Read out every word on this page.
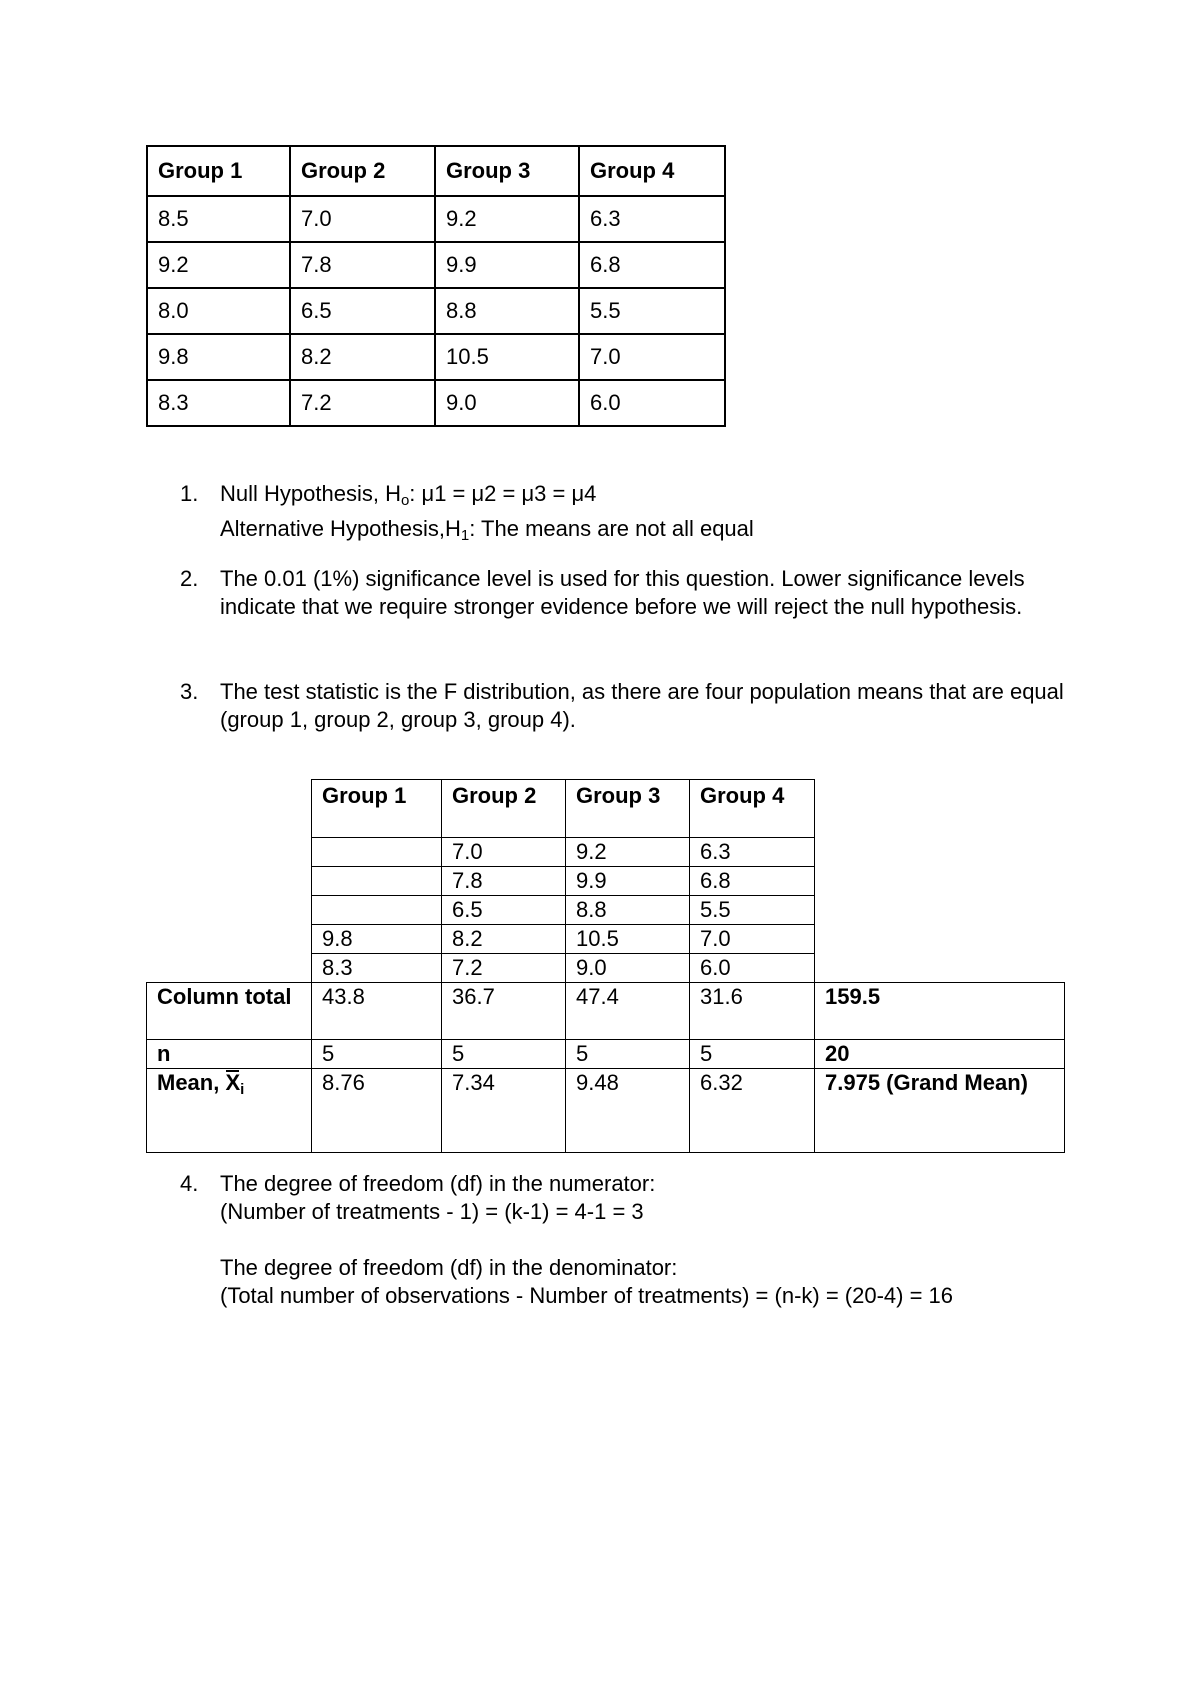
Group 1	Group 2	Group 3	Group 4
8.5	7.0	9.2	6.3
9.2	7.8	9.9	6.8
8.0	6.5	8.8	5.5
9.8	8.2	10.5	7.0
8.3	7.2	9.0	6.0
1. Null Hypothesis, $H_o$: μ1 = μ2 = μ3 = μ4
Alternative $Hypothesis,H_1$: The means are not all equal
2. The 0.01 (1%) significance level is used for this question. Lower significance levels indicate that we require stronger evidence before we will reject the null hypothesis.
3. The test statistic is the F distribution, as there are four population means that are equal (group 1, group 2, group 3, group 4).
	Group 1	Group 2	Group 3	Group 4	
		7.0	9.2	6.3	
		7.8	9.9	6.8	
		6.5	8.8	5.5	
	9.8	8.2	10.5	7.0	
	8.3	7.2	9.0	6.0	
Column total	43.8	36.7	47.4	31.6	159.5
n	5	5	5	5	20
Mean, Xi	8.76	7.34	9.48	6.32	7.975 (Grand Mean)
4. The degree of freedom (df) in the numerator:
(Number of treatments - 1) = (k-1) = 4-1 = 3
The degree of freedom (df) in the denominator:
(Total number of observations - Number of treatments) = (n-k) = (20-4) = 16
